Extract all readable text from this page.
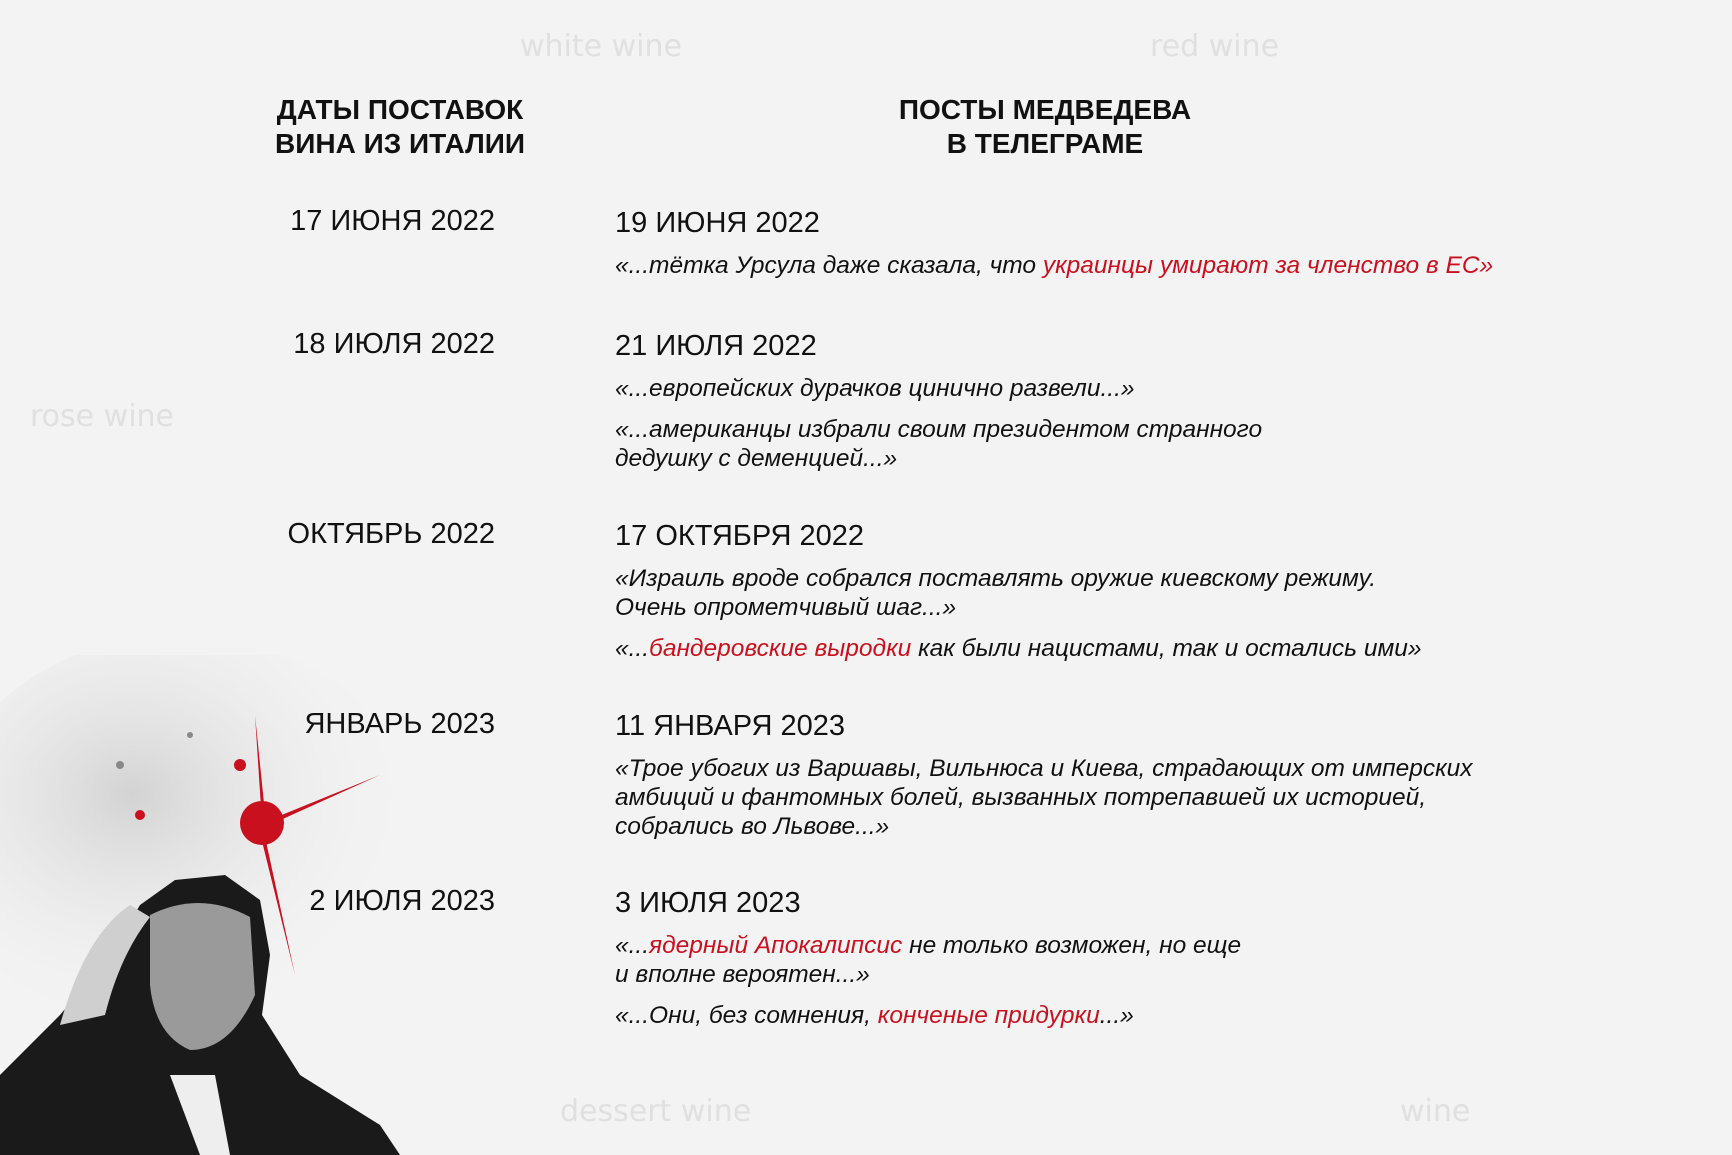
white wine	red wine
rose wine
dessert wine	wine
ДАТЫ ПОСТАВОК
ВИНА ИЗ ИТАЛИИ
ПОСТЫ МЕДВЕДЕВА
В ТЕЛЕГРАМЕ
17 ИЮНЯ 2022	19 ИЮНЯ 2022
«...тётка Урсула даже сказала, что украинцы умирают за членство в ЕС»
18 ИЮЛЯ 2022	21 ИЮЛЯ 2022
«...европейских дурачков цинично развели...»
«...американцы избрали своим президентом странного
дедушку с деменцией...»
ОКТЯБРЬ 2022	17 ОКТЯБРЯ 2022
«Израиль вроде собрался поставлять оружие киевскому режиму.
Очень опрометчивый шаг...»
«...бандеровские выродки как были нацистами, так и остались ими»
ЯНВАРЬ 2023	11 ЯНВАРЯ 2023
«Трое убогих из Варшавы, Вильнюса и Киева, страдающих от имперских
амбиций и фантомных болей, вызванных потрепавшей их историей,
собрались во Львове...»
2 ИЮЛЯ 2023	3 ИЮЛЯ 2023
«...ядерный Апокалипсис не только возможен, но еще
и вполне вероятен...»
«...Они, без сомнения, конченые придурки...»
